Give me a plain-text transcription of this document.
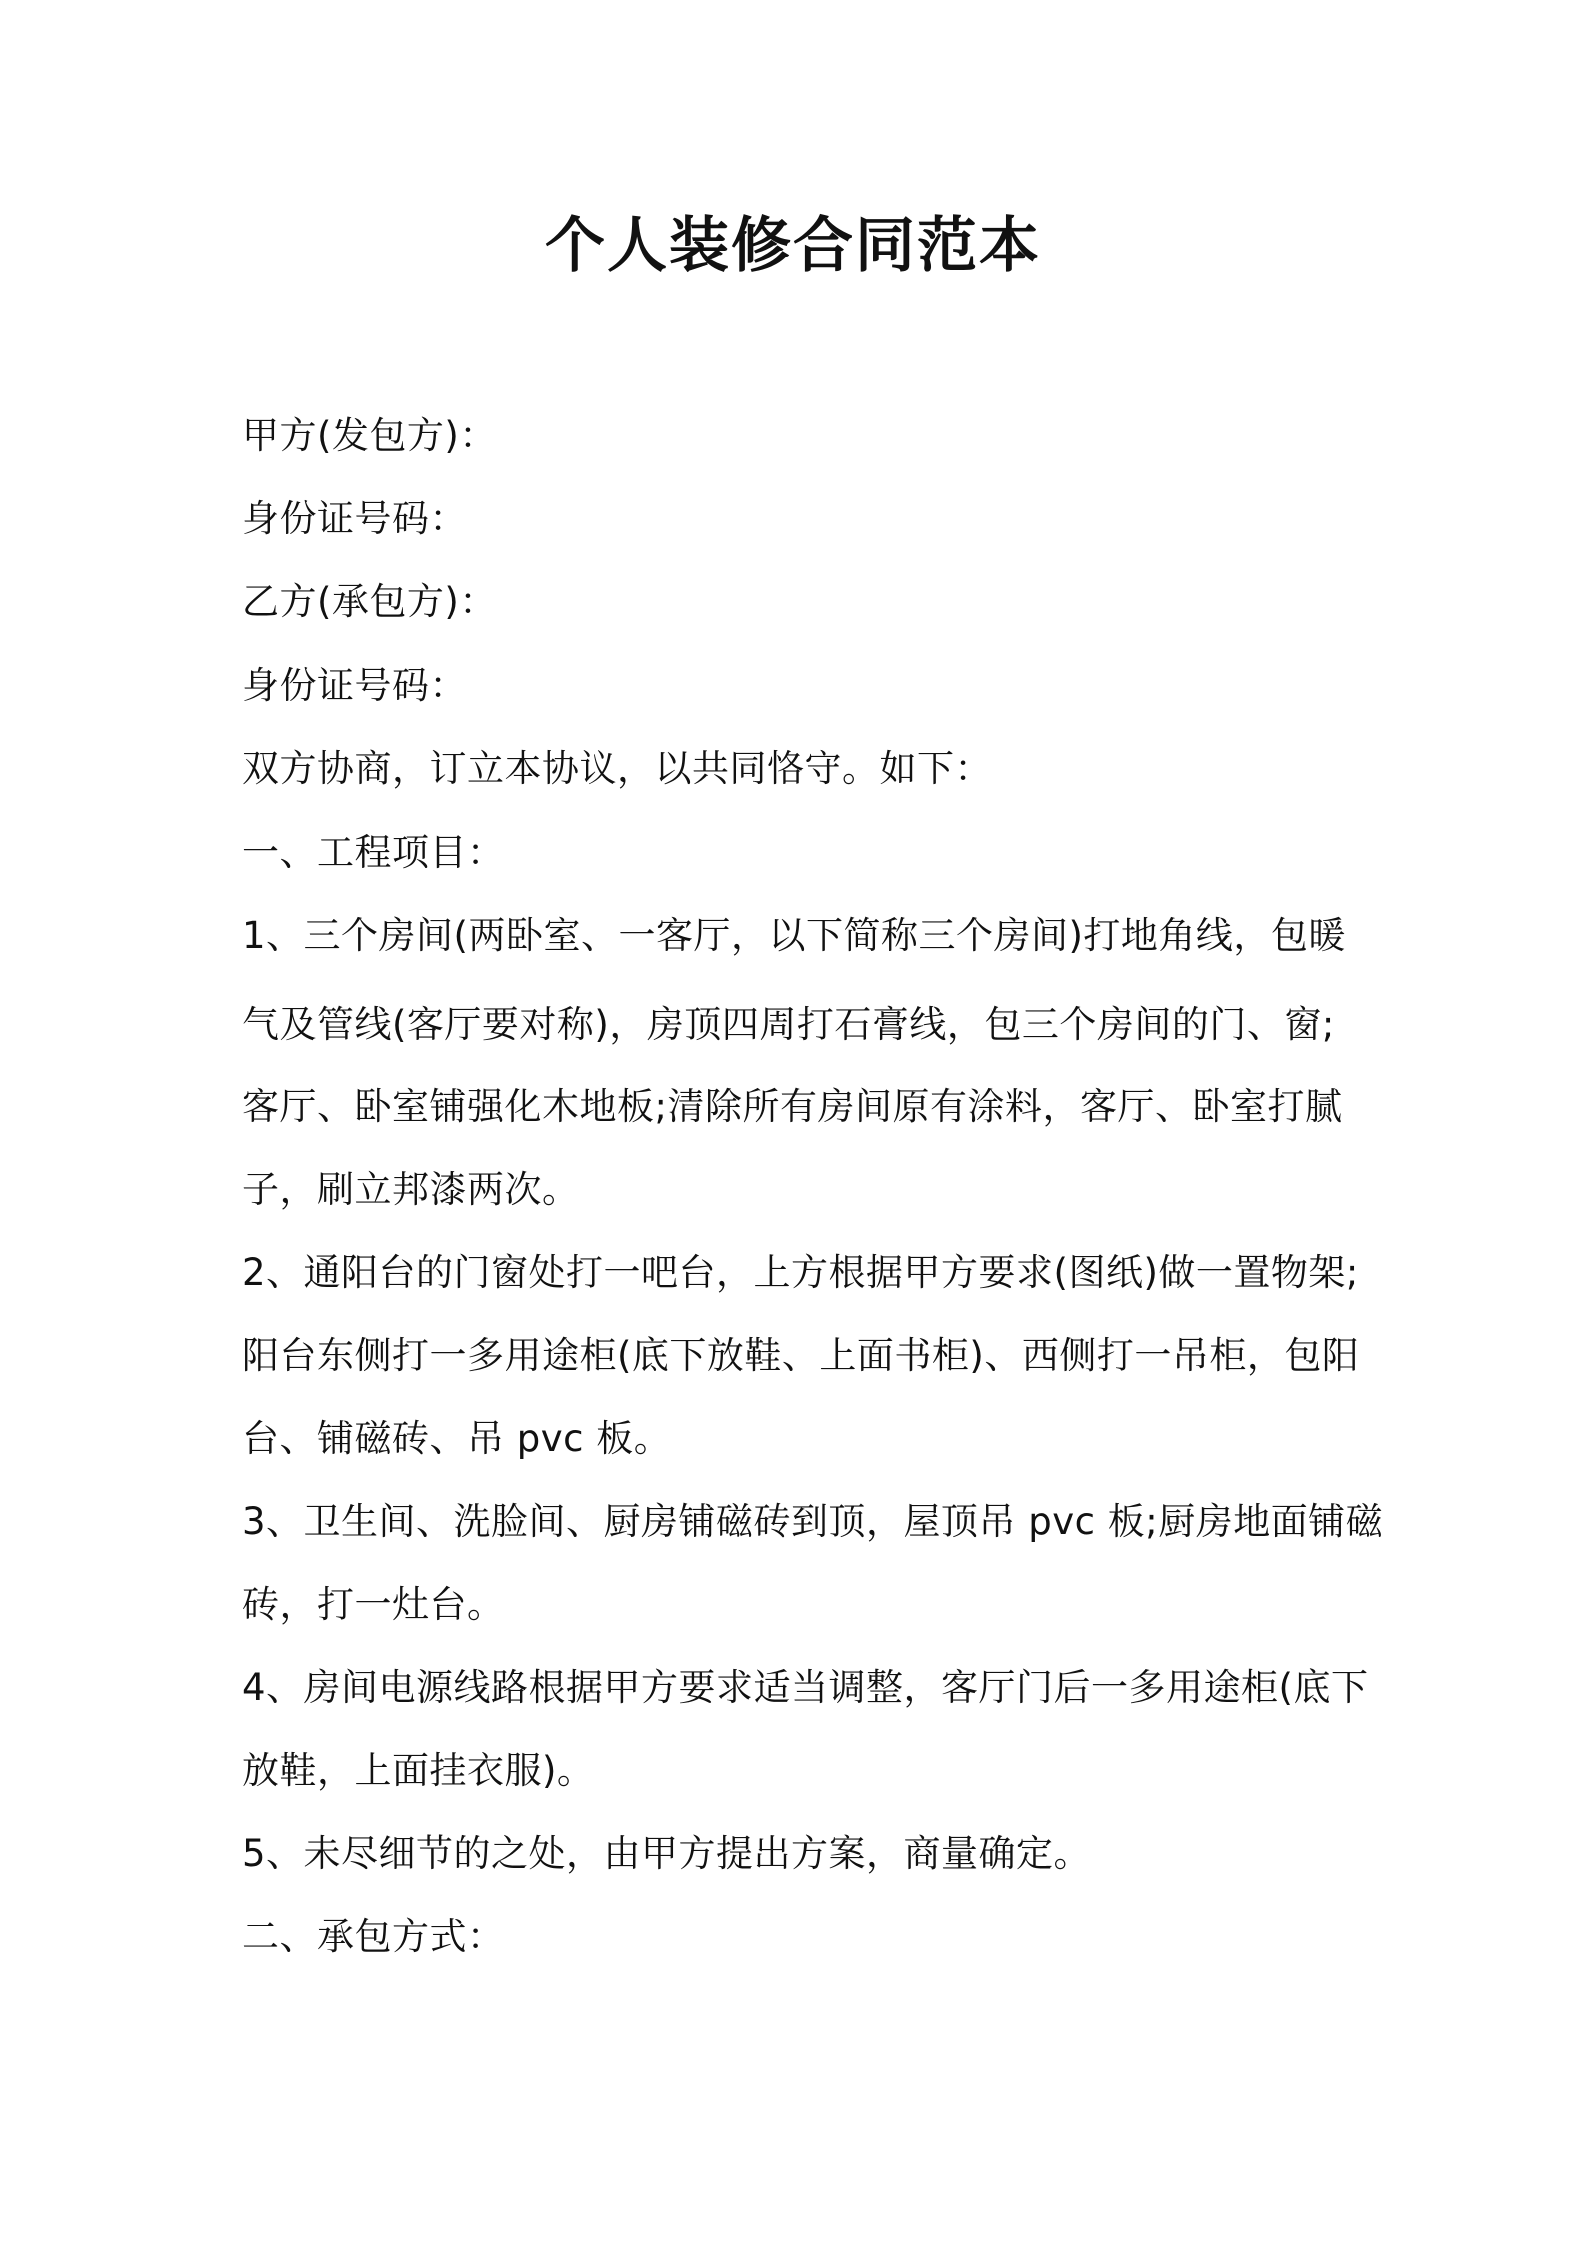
个人装修合同范本
甲方(发包方)：
身份证号码：
乙方(承包方)：
身份证号码：
双方协商，订立本协议，以共同恪守。如下：
一、工程项目：
1、三个房间(两卧室、一客厅，以下简称三个房间)打地角线，包暖
气及管线(客厅要对称)，房顶四周打石膏线，包三个房间的门、窗;
客厅、卧室铺强化木地板;清除所有房间原有涂料，客厅、卧室打腻
子，刷立邦漆两次。
2、通阳台的门窗处打一吧台，上方根据甲方要求(图纸)做一置物架;
阳台东侧打一多用途柜(底下放鞋、上面书柜)、西侧打一吊柜，包阳
台、铺磁砖、吊 pvc 板。
3、卫生间、洗脸间、厨房铺磁砖到顶，屋顶吊 pvc 板;厨房地面铺磁
砖，打一灶台。
4、房间电源线路根据甲方要求适当调整，客厅门后一多用途柜(底下
放鞋，上面挂衣服)。
5、未尽细节的之处，由甲方提出方案，商量确定。
二、承包方式：
